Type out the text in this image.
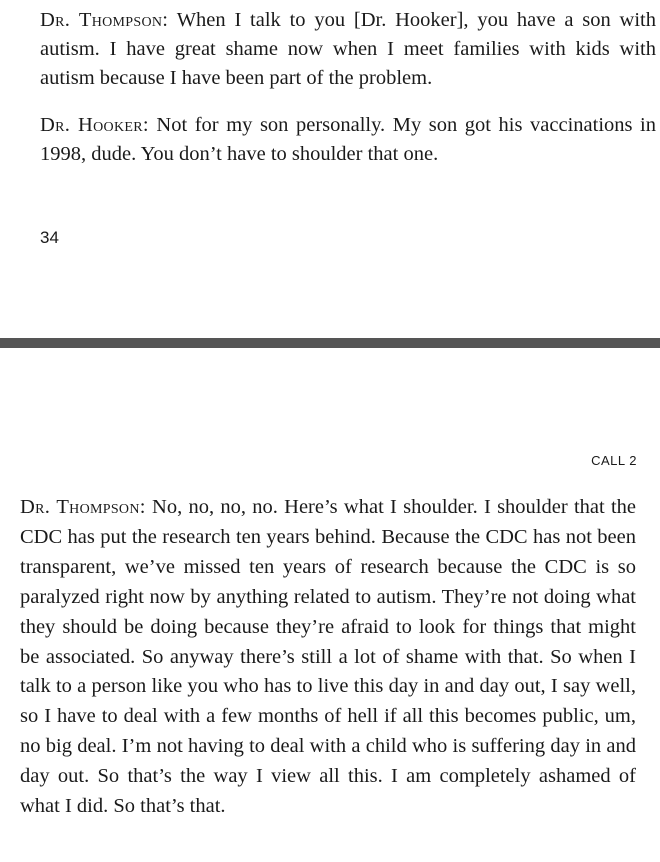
Dr. Thompson: When I talk to you [Dr. Hooker], you have a son with autism. I have great shame now when I meet families with kids with autism because I have been part of the problem.

Dr. Hooker: Not for my son personally. My son got his vaccinations in 1998, dude. You don’t have to shoulder that one.

34
CALL 2

Dr. Thompson: No, no, no, no. Here’s what I shoulder. I shoulder that the CDC has put the research ten years behind. Because the CDC has not been transparent, we’ve missed ten years of research because the CDC is so paralyzed right now by anything related to autism. They’re not doing what they should be doing because they’re afraid to look for things that might be associated. So anyway there’s still a lot of shame with that. So when I talk to a person like you who has to live this day in and day out, I say well, so I have to deal with a few months of hell if all this becomes public, um, no big deal. I’m not having to deal with a child who is suffering day in and day out. So that’s the way I view all this. I am completely ashamed of what I did. So that’s that.
